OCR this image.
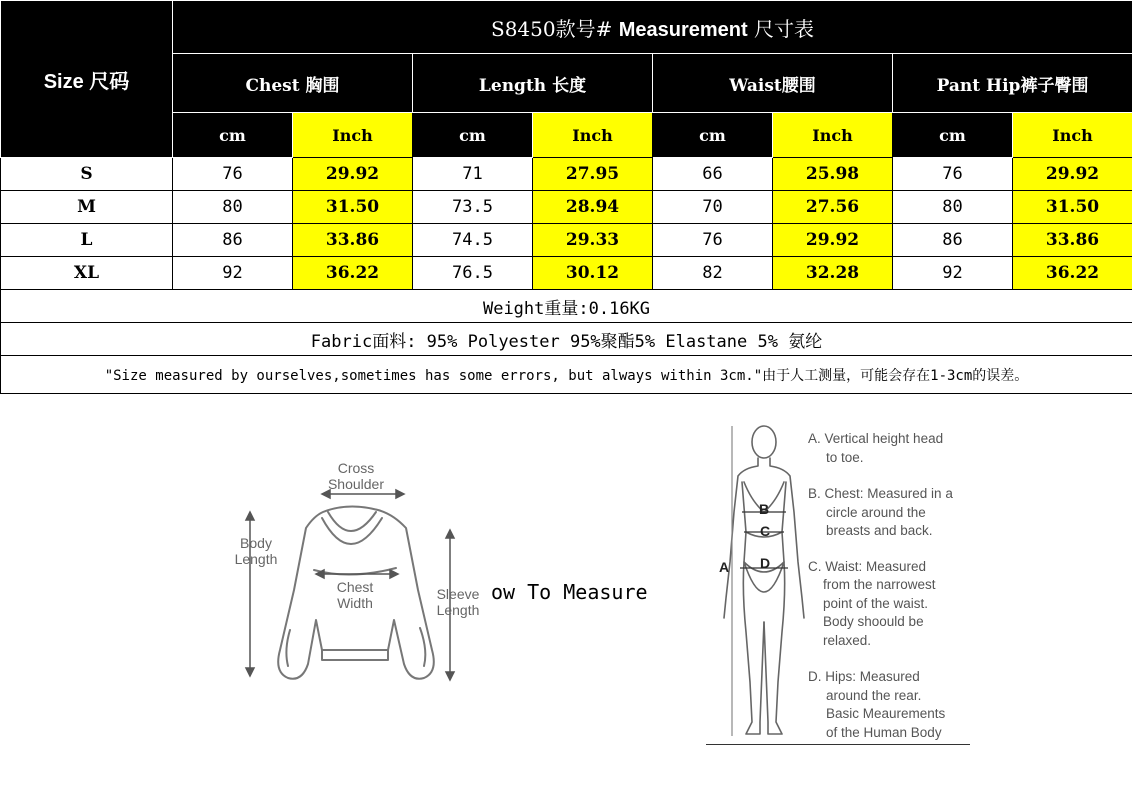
Size 尺码	S8450款号# Measurement 尺寸表							
	Chest 胸围		Length 长度		Waist腰围		Pant Hip裤子臀围	
	cm	Inch	cm	Inch	cm	Inch	cm	Inch
S	76	29.92	71	27.95	66	25.98	76	29.92
M	80	31.50	73.5	28.94	70	27.56	80	31.50
L	86	33.86	74.5	29.33	76	29.92	86	33.86
XL	92	36.22	76.5	30.12	82	32.28	92	36.22
Weight重量:0.16KG								
Fabric面料: 95% Polyester 95%聚酯5% Elastane 5% 氨纶								
"Size measured by ourselves,sometimes has some errors, but always within 3cm."由于人工测量，可能会存在1-3cm的误差。								
Cross
Shoulder
Body
Length
Chest
Width
Sleeve
Length
ow To Measure
A
B
C
D
A. Vertical height head
to toe.
B. Chest: Measured in a
circle around the
breasts and back.
C. Waist: Measured
from the narrowest
point of the waist.
Body shoould be
relaxed.
D. Hips: Measured
around the rear.
Basic Meaurements
of the Human Body
